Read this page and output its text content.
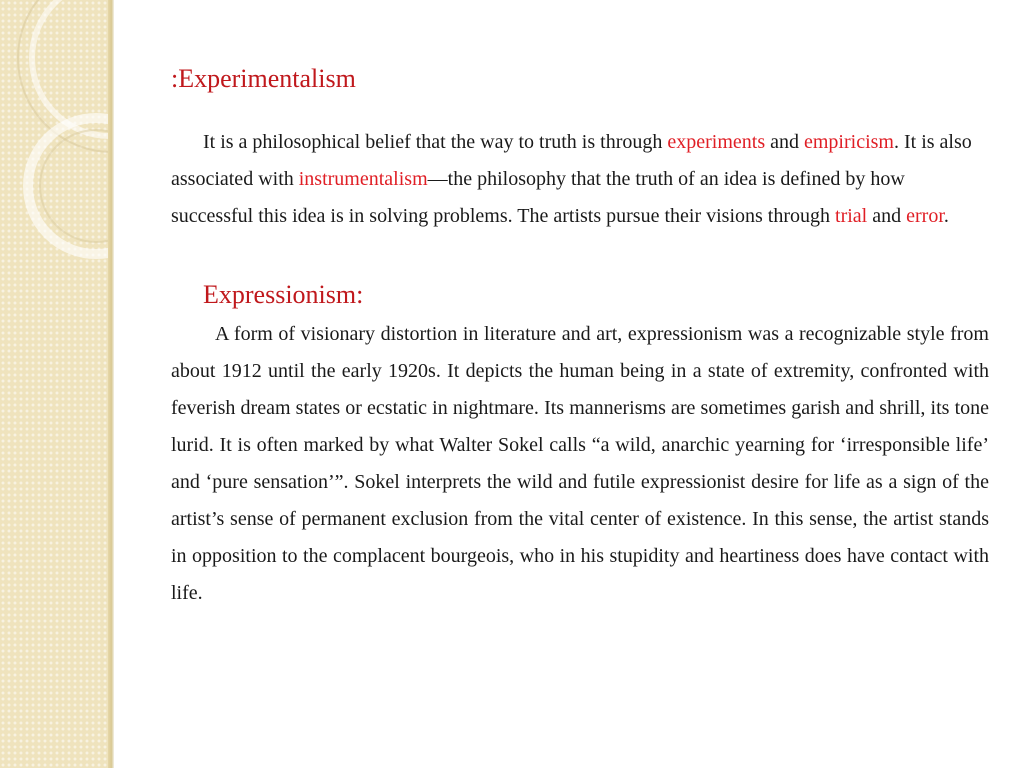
:Experimentalism

It is a philosophical belief that the way to truth is through experiments and empiricism. It is also associated with instrumentalism—the philosophy that the truth of an idea is defined by how successful this idea is in solving problems. The artists pursue their visions through trial and error.

Expressionism:

A form of visionary distortion in literature and art, expressionism was a recognizable style from about 1912 until the early 1920s. It depicts the human being in a state of extremity, confronted with feverish dream states or ecstatic in nightmare. Its mannerisms are sometimes garish and shrill, its tone lurid. It is often marked by what Walter Sokel calls “a wild, anarchic yearning for ‘irresponsible life’ and ‘pure sensation’”. Sokel interprets the wild and futile expressionist desire for life as a sign of the artist’s sense of permanent exclusion from the vital center of existence. In this sense, the artist stands in opposition to the complacent bourgeois, who in his stupidity and heartiness does have contact with life.
